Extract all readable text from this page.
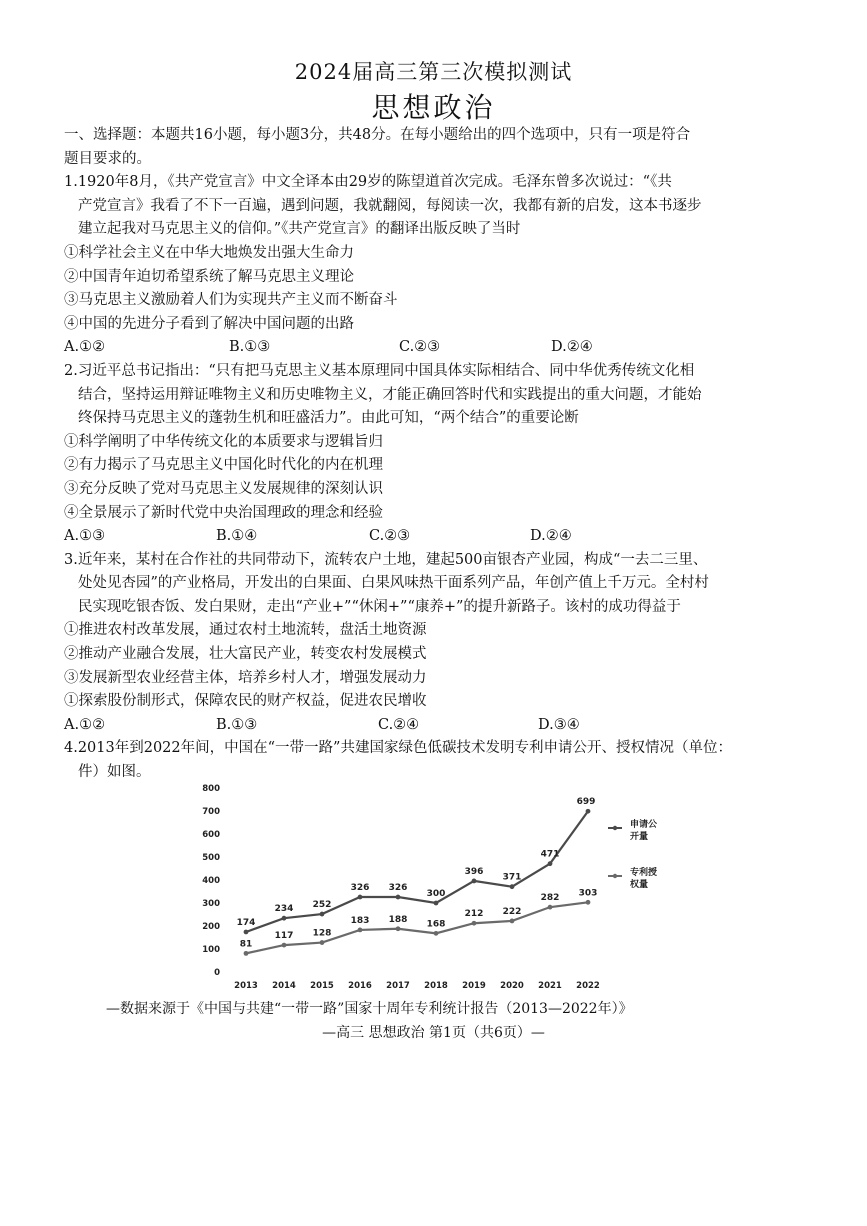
2024届高三第三次模拟测试
思想政治
一、选择题：本题共16小题，每小题3分，共48分。在每小题给出的四个选项中，只有一项是符合
题目要求的。
1.1920年8月，《共产党宣言》中文全译本由29岁的陈望道首次完成。毛泽东曾多次说过：“《共
产党宣言》我看了不下一百遍，遇到问题，我就翻阅，每阅读一次，我都有新的启发，这本书逐步
建立起我对马克思主义的信仰。”《共产党宣言》的翻译出版反映了当时
①科学社会主义在中华大地焕发出强大生命力
②中国青年迫切希望系统了解马克思主义理论
③马克思主义激励着人们为实现共产主义而不断奋斗
④中国的先进分子看到了解决中国问题的出路
A.①②	B.①③	C.②③	D.②④
2.习近平总书记指出：“只有把马克思主义基本原理同中国具体实际相结合、同中华优秀传统文化相
结合，坚持运用辩证唯物主义和历史唯物主义，才能正确回答时代和实践提出的重大问题，才能始
终保持马克思主义的蓬勃生机和旺盛活力”。由此可知，“两个结合”的重要论断
①科学阐明了中华传统文化的本质要求与逻辑旨归
②有力揭示了马克思主义中国化时代化的内在机理
③充分反映了党对马克思主义发展规律的深刻认识
④全景展示了新时代党中央治国理政的理念和经验
A.①③	B.①④	C.②③	D.②④
3.近年来，某村在合作社的共同带动下，流转农户土地，建起500亩银杏产业园，构成“一去二三里、
处处见杏园”的产业格局，开发出的白果面、白果风味热干面系列产品，年创产值上千万元。全村村
民实现吃银杏饭、发白果财，走出“产业+”“休闲+”“康养+”的提升新路子。该村的成功得益于
①推进农村改革发展，通过农村土地流转，盘活土地资源
②推动产业融合发展，壮大富民产业，转变农村发展模式
③发展新型农业经营主体，培养乡村人才，增强发展动力
①探索股份制形式，保障农民的财产权益，促进农民增收
A.①②	B.①③	C.②④	D.③④
4.2013年到2022年间，中国在“一带一路”共建国家绿色低碳技术发明专利申请公开、授权情况（单位：
件）如图。
0
100
200
300
400
500
600
700
800
2013 2014 2015 2016 2017 2018 2019 2020 2021 2022
174
234 252
326 326
300
396
371
471
699
申请公
开量
81
117 128
183 188 168
212 222
282 303
专利授
权量
—数据来源于《中国与共建“一带一路”国家十周年专利统计报告（2013—2022年）》
—高三 思想政治 第1页（共6页）—
